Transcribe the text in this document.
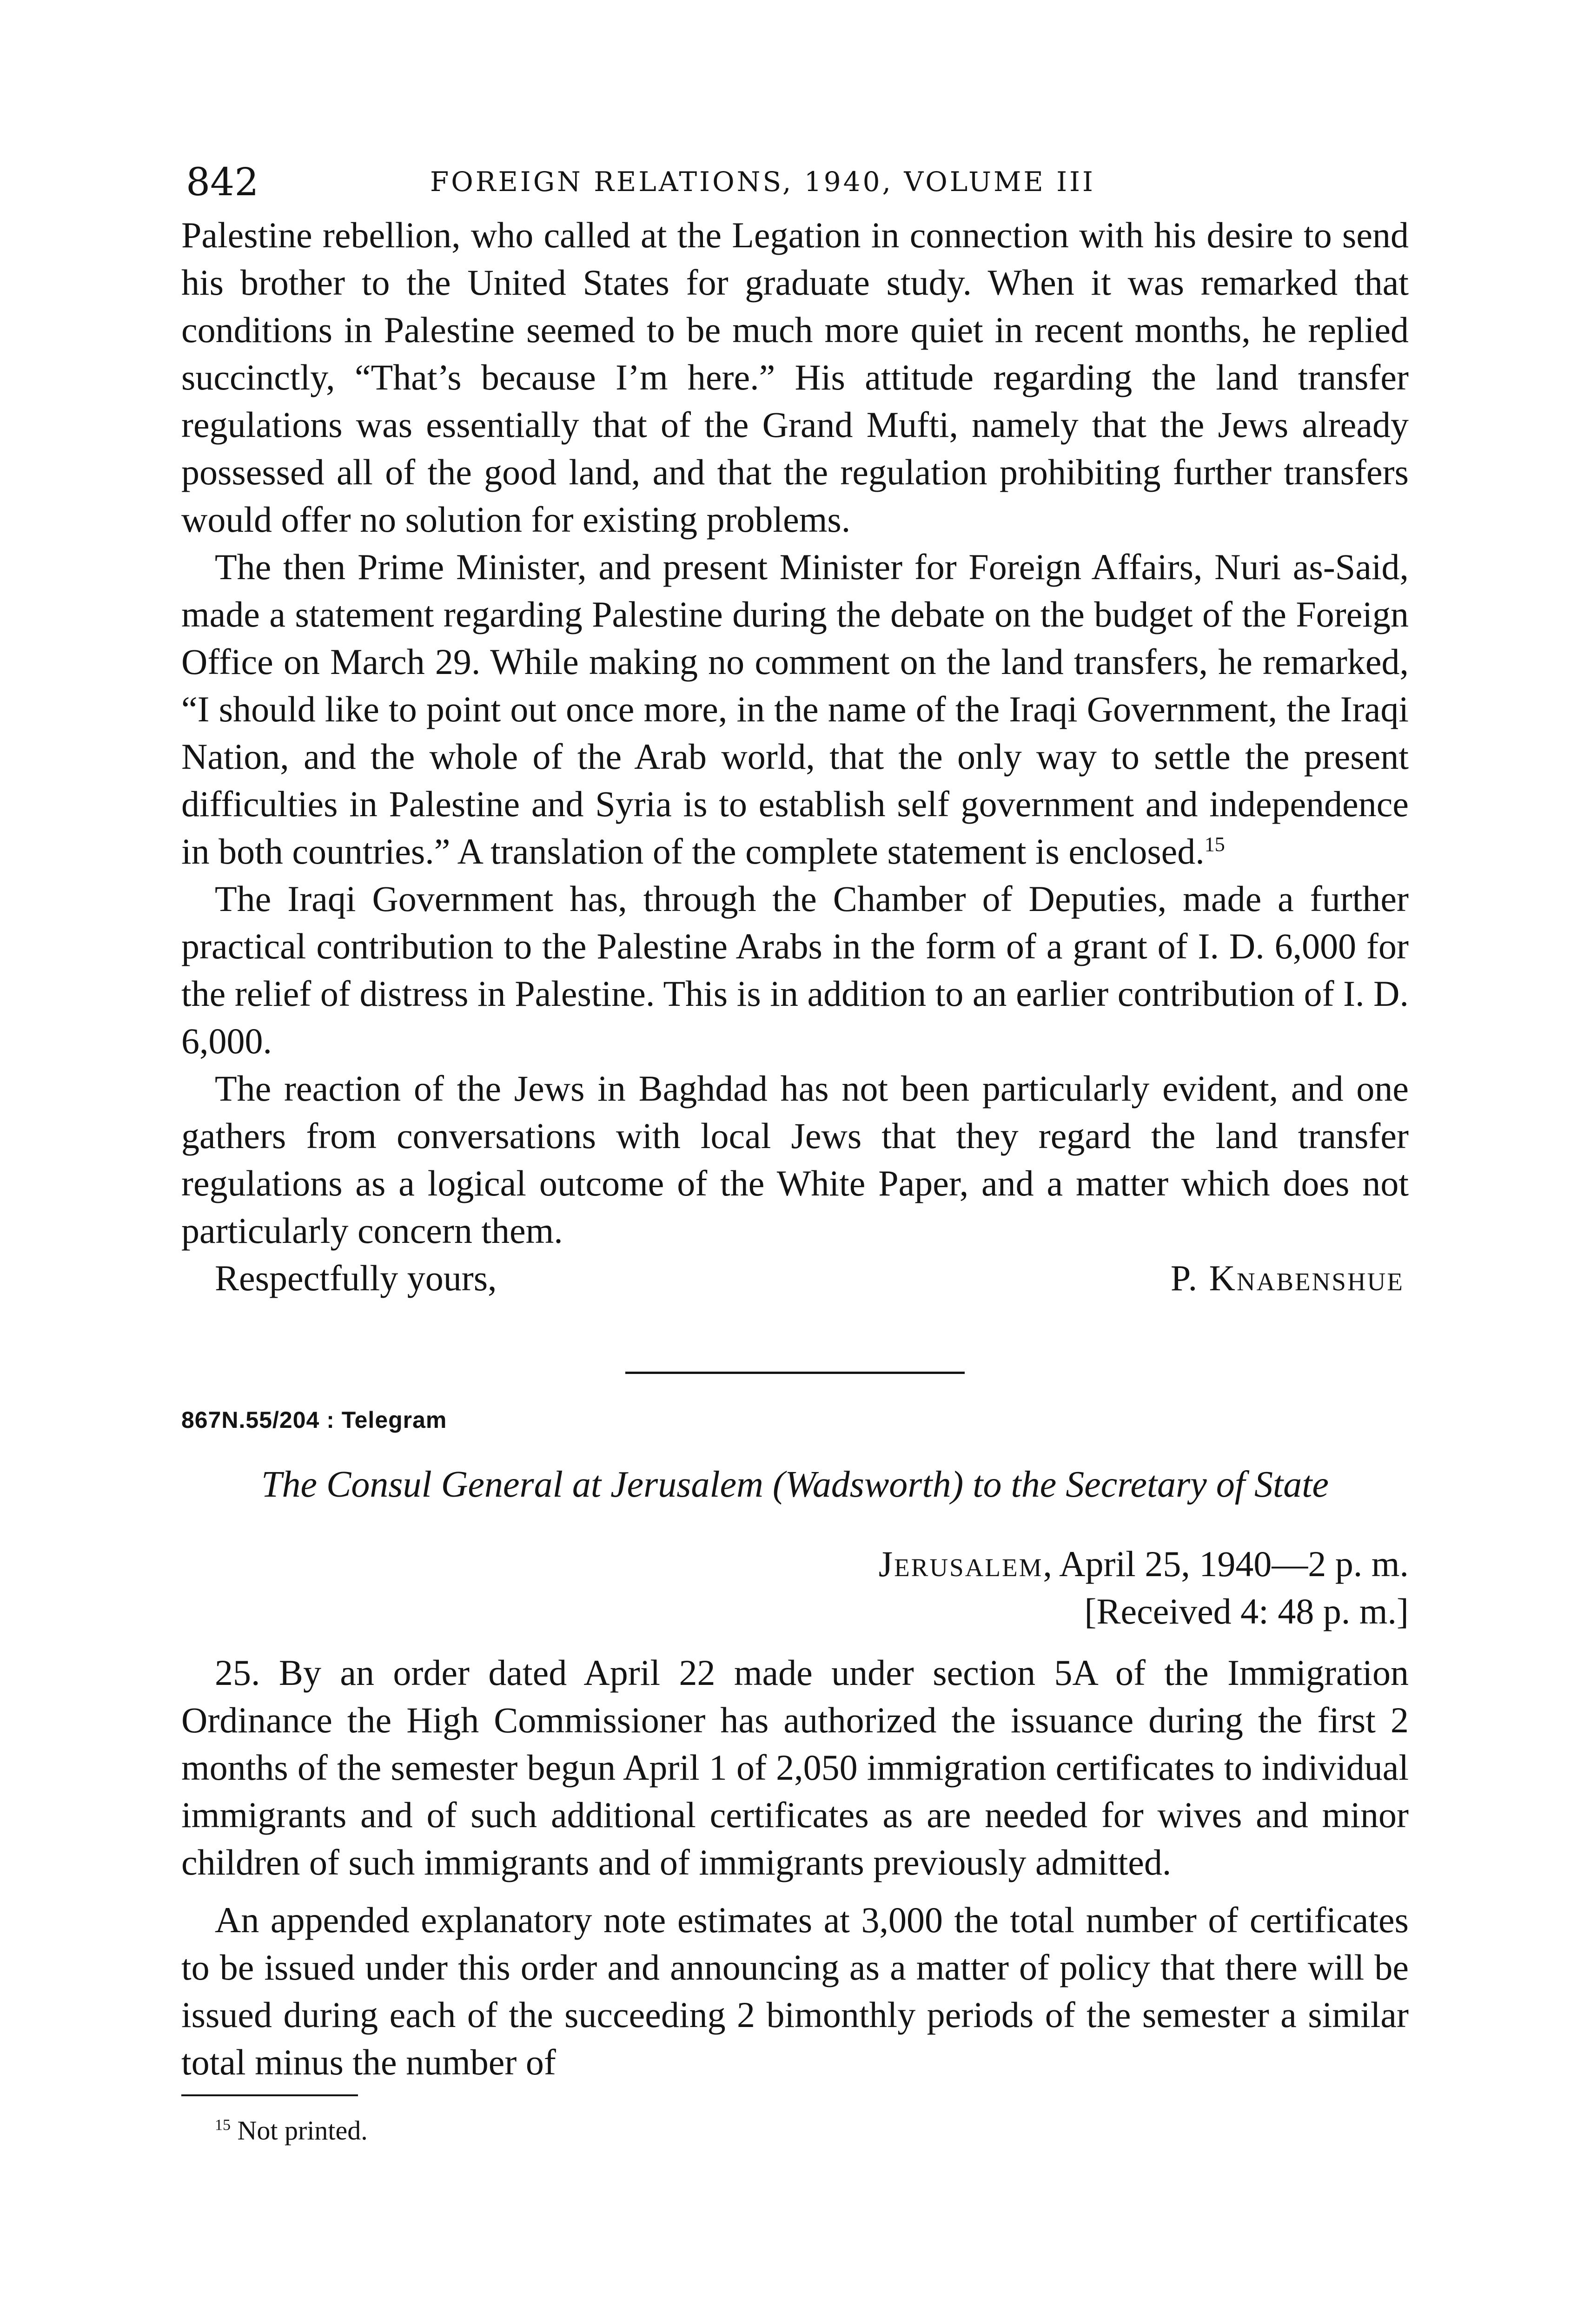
842	FOREIGN RELATIONS, 1940, VOLUME III

Palestine rebellion, who called at the Legation in connection with his desire to send his brother to the United States for graduate study. When it was remarked that conditions in Palestine seemed to be much more quiet in recent months, he replied succinctly, “That’s because I’m here.” His attitude regarding the land transfer regulations was essentially that of the Grand Mufti, namely that the Jews already possessed all of the good land, and that the regulation prohibiting further transfers would offer no solution for existing problems.

The then Prime Minister, and present Minister for Foreign Affairs, Nuri as-Said, made a statement regarding Palestine during the debate on the budget of the Foreign Office on March 29. While making no comment on the land transfers, he remarked, “I should like to point out once more, in the name of the Iraqi Government, the Iraqi Nation, and the whole of the Arab world, that the only way to settle the present difficulties in Palestine and Syria is to establish self government and independence in both countries.” A translation of the complete statement is enclosed.$^{15}$

The Iraqi Government has, through the Chamber of Deputies, made a further practical contribution to the Palestine Arabs in the form of a grant of I. D. 6,000 for the relief of distress in Palestine. This is in addition to an earlier contribution of I. D. 6,000.

The reaction of the Jews in Baghdad has not been particularly evident, and one gathers from conversations with local Jews that they regard the land transfer regulations as a logical outcome of the White Paper, and a matter which does not particularly concern them.

Respectfully yours,	P. Knabenshue
867N.55/204 : Telegram
The Consul General at Jerusalem (Wadsworth) to the Secretary of State
Jerusalem, April 25, 1940—2 p. m.
[Received 4: 48 p. m.]

25. By an order dated April 22 made under section 5A of the Immigration Ordinance the High Commissioner has authorized the issuance during the first 2 months of the semester begun April 1 of 2,050 immigration certificates to individual immigrants and of such additional certificates as are needed for wives and minor children of such immigrants and of immigrants previously admitted.

An appended explanatory note estimates at 3,000 the total number of certificates to be issued under this order and announcing as a matter of policy that there will be issued during each of the succeeding 2 bimonthly periods of the semester a similar total minus the number of

$^{15}$ Not printed.
